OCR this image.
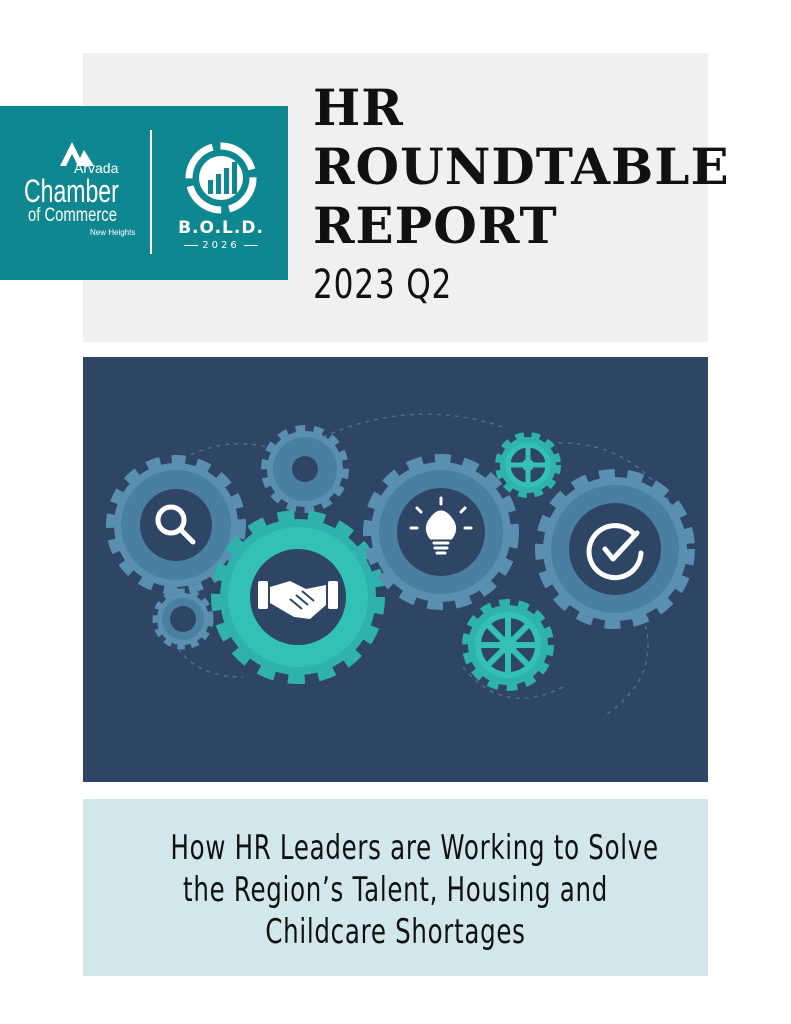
HR

ROUNDTABLE

REPORT

2023 Q2

Arvada

Chamber

of Commerce

New Heights	B.O.L.D.

2026

How HR Leaders are Working to Solve

the Region’s Talent, Housing and

Childcare Shortages
